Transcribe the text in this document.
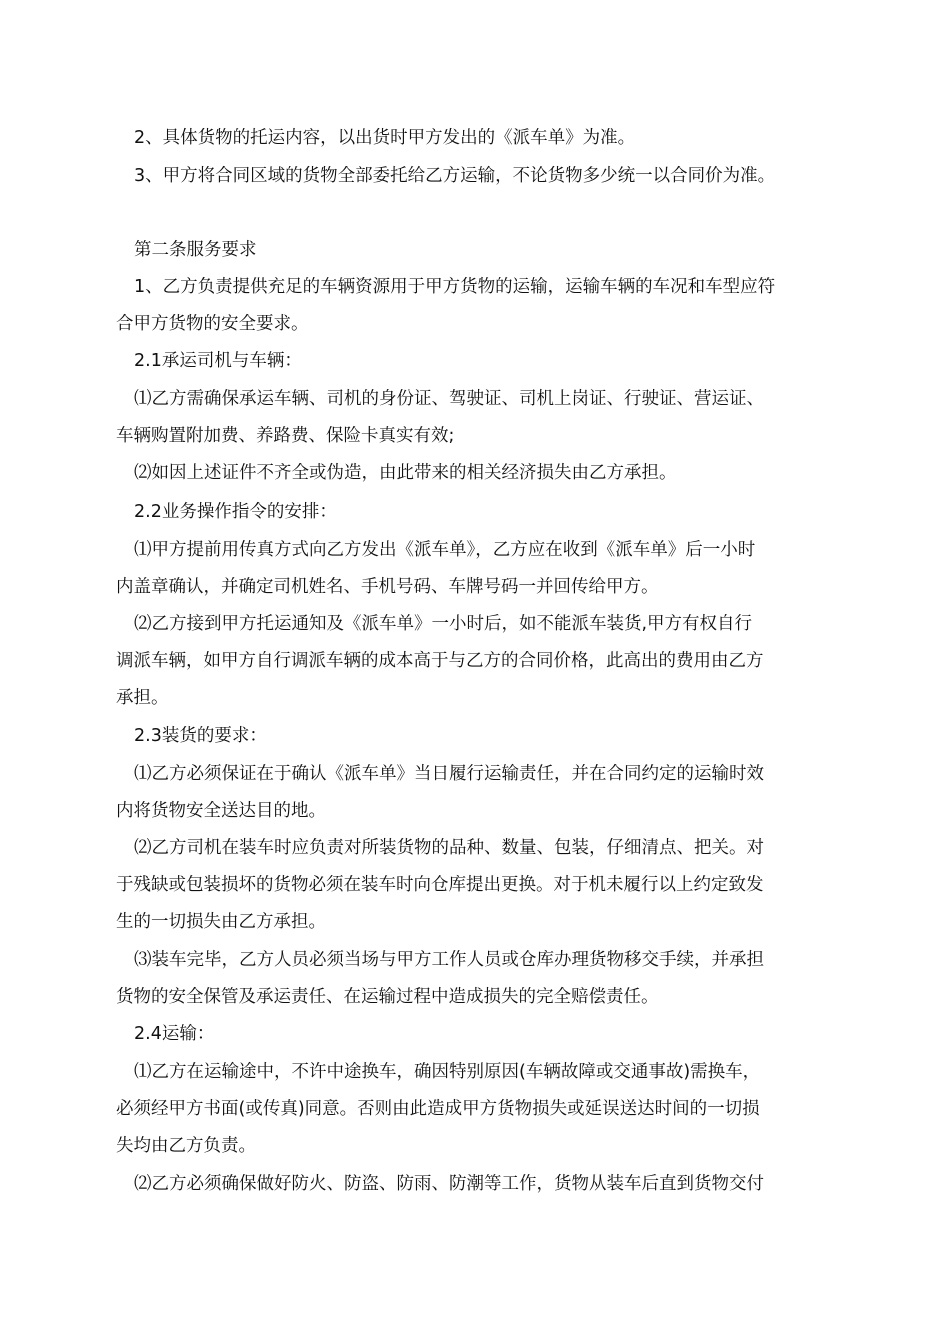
2、具体货物的托运内容，以出货时甲方发出的《派车单》为准。

3、甲方将合同区域的货物全部委托给乙方运输，不论货物多少统一以合同价为准。

第二条服务要求

1、乙方负责提供充足的车辆资源用于甲方货物的运输，运输车辆的车况和车型应符

合甲方货物的安全要求。

2.1承运司机与车辆：

⑴乙方需确保承运车辆、司机的身份证、驾驶证、司机上岗证、行驶证、营运证、

车辆购置附加费、养路费、保险卡真实有效;

⑵如因上述证件不齐全或伪造，由此带来的相关经济损失由乙方承担。

2.2业务操作指令的安排：

⑴甲方提前用传真方式向乙方发出《派车单》，乙方应在收到《派车单》后一小时

内盖章确认，并确定司机姓名、手机号码、车牌号码一并回传给甲方。

⑵乙方接到甲方托运通知及《派车单》一小时后，如不能派车装货,甲方有权自行

调派车辆，如甲方自行调派车辆的成本高于与乙方的合同价格，此高出的费用由乙方

承担。

2.3装货的要求：

⑴乙方必须保证在于确认《派车单》当日履行运输责任，并在合同约定的运输时效

内将货物安全送达目的地。

⑵乙方司机在装车时应负责对所装货物的品种、数量、包装，仔细清点、把关。对

于残缺或包装损坏的货物必须在装车时向仓库提出更换。对于机未履行以上约定致发

生的一切损失由乙方承担。

⑶装车完毕，乙方人员必须当场与甲方工作人员或仓库办理货物移交手续，并承担

货物的安全保管及承运责任、在运输过程中造成损失的完全赔偿责任。

2.4运输：

⑴乙方在运输途中，不许中途换车，确因特别原因(车辆故障或交通事故)需换车，

必须经甲方书面(或传真)同意。否则由此造成甲方货物损失或延误送达时间的一切损

失均由乙方负责。

⑵乙方必须确保做好防火、防盗、防雨、防潮等工作，货物从装车后直到货物交付
